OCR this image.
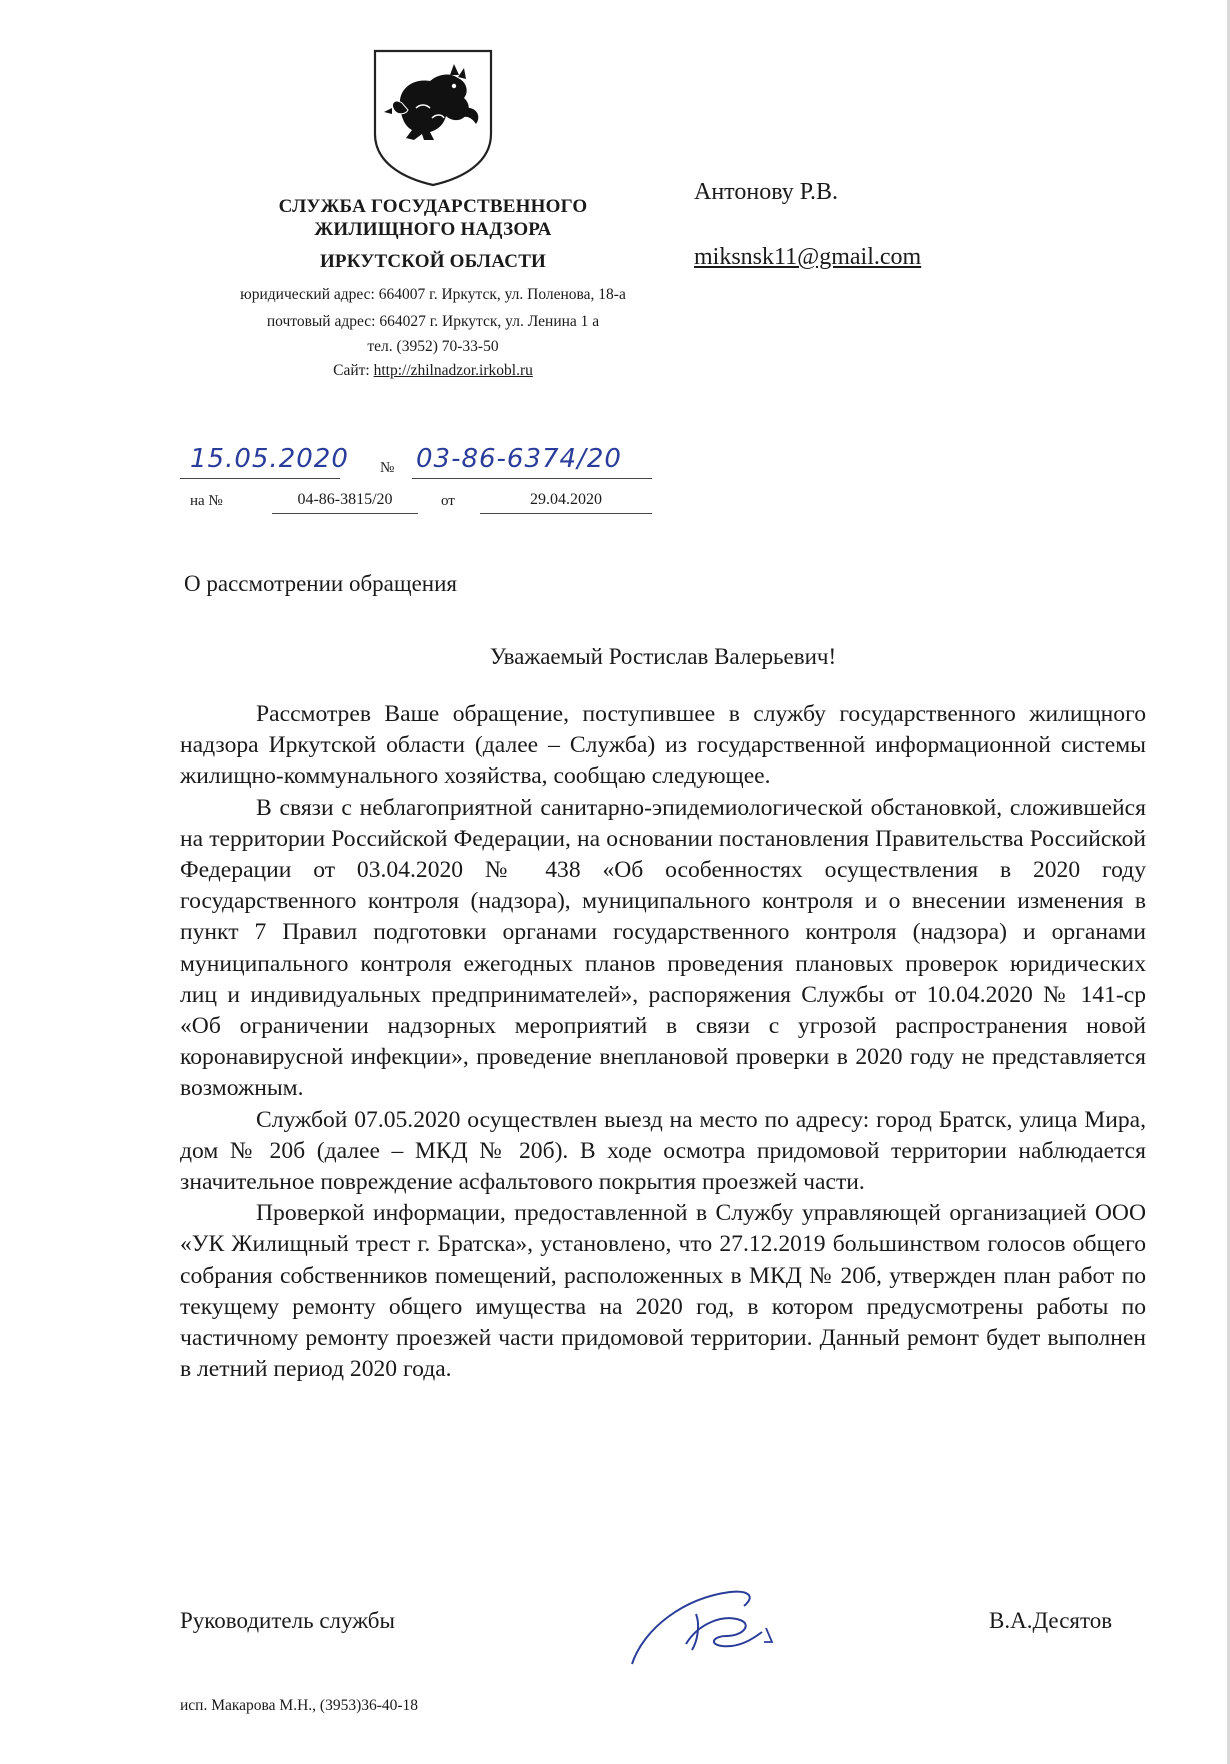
СЛУЖБА ГОСУДАРСТВЕННОГО
ЖИЛИЩНОГО НАДЗОРА
ИРКУТСКОЙ ОБЛАСТИ
юридический адрес: 664007 г. Иркутск, ул. Поленова, 18-а
почтовый адрес: 664027 г. Иркутск, ул. Ленина 1 а
тел. (3952) 70-33-50
Сайт: http://zhilnadzor.irkobl.ru
Антонову Р.В.
miksnsk11@gmail.com
15.05.2020 № 03-86-6374/20
на №	04-86-3815/20	от	29.04.2020
О рассмотрении обращения
Уважаемый Ростислав Валерьевич!

Рассмотрев Ваше обращение, поступившее в службу государственного жилищного надзора Иркутской области (далее – Служба) из государственной информационной системы жилищно-коммунального хозяйства, сообщаю следующее.

В связи с неблагоприятной санитарно-эпидемиологической обстановкой, сложившейся на территории Российской Федерации, на основании постановления Правительства Российской Федерации от 03.04.2020 № 438 «Об особенностях осуществления в 2020 году государственного контроля (надзора), муниципального контроля и о внесении изменения в пункт 7 Правил подготовки органами государственного контроля (надзора) и органами муниципального контроля ежегодных планов проведения плановых проверок юридических лиц и индивидуальных предпринимателей», распоряжения Службы от 10.04.2020 № 141-ср «Об ограничении надзорных мероприятий в связи с угрозой распространения новой коронавирусной инфекции», проведение внеплановой проверки в 2020 году не представляется возможным.

Службой 07.05.2020 осуществлен выезд на место по адресу: город Братск, улица Мира, дом № 20б (далее – МКД № 20б). В ходе осмотра придомовой территории наблюдается значительное повреждение асфальтового покрытия проезжей части.

Проверкой информации, предоставленной в Службу управляющей организацией ООО «УК Жилищный трест г. Братска», установлено, что 27.12.2019 большинством голосов общего собрания собственников помещений, расположенных в МКД № 20б, утвержден план работ по текущему ремонту общего имущества на 2020 год, в котором предусмотрены работы по частичному ремонту проезжей части придомовой территории. Данный ремонт будет выполнен в летний период 2020 года.

Руководитель службы	В.А.Десятов
исп. Макарова М.Н., (3953)36-40-18
